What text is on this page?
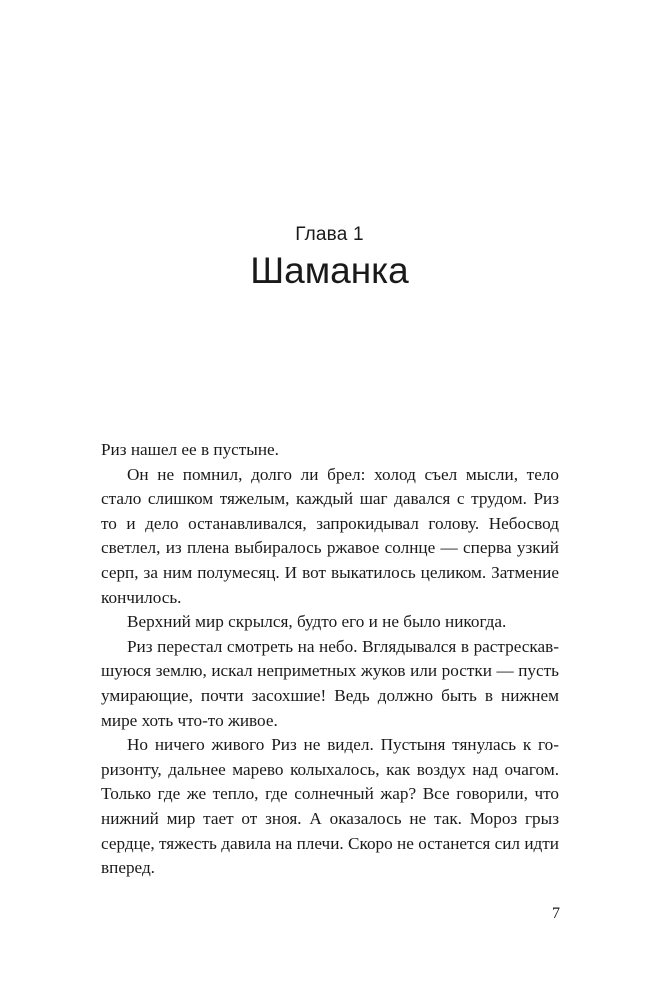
Глава 1
Шаманка

Риз нашел ее в пустыне.

Он не помнил, долго ли брел: холод съел мысли, тело стало слишком тяжелым, каждый шаг давался с трудом. Риз то и дело останавливался, запрокидывал голову. Небосвод светлел, из плена выбиралось ржавое солнце — сперва узкий серп, за ним полумесяц. И вот выкатилось целиком. Затмение кончилось.

Верхний мир скрылся, будто его и не было никогда.

Риз перестал смотреть на небо. Вглядывался в растрескавшуюся землю, искал неприметных жуков или ростки — пусть умирающие, почти засохшие! Ведь должно быть в нижнем мире хоть что-то живое.

Но ничего живого Риз не видел. Пустыня тянулась к горизонту, дальнее марево колыхалось, как воздух над очагом. Только где же тепло, где солнечный жар? Все говорили, что нижний мир тает от зноя. А оказалось не так. Мороз грыз сердце, тяжесть давила на плечи. Скоро не останется сил идти вперед.

7
